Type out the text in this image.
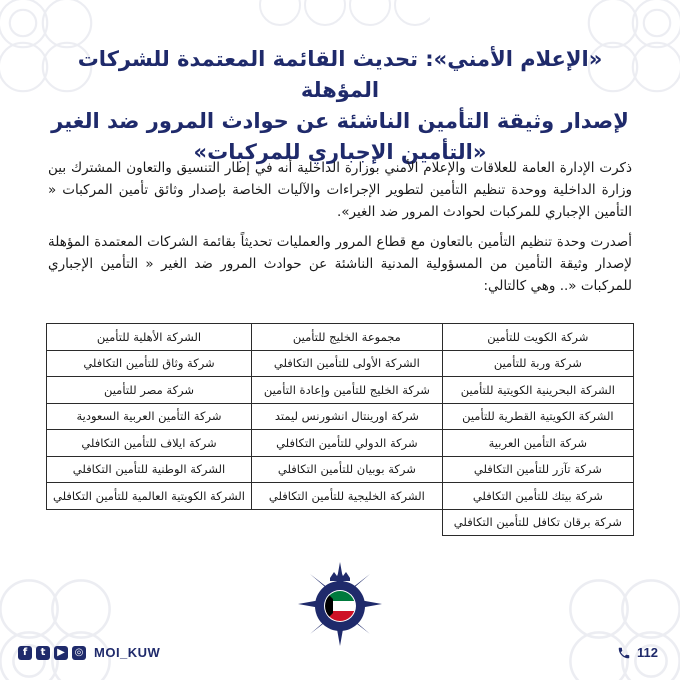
«الإعلام الأمني»: تحديث القائمة المعتمدة للشركات المؤهلة

لإصدار وثيقة التأمين الناشئة عن حوادث المرور ضد الغير

«التأمين الإجباري للمركبات»

ذكرت الإدارة العامة للعلاقات والإعلام الأمني بوزارة الداخلية أنه في إطار التنسيق والتعاون المشترك بين وزارة الداخلية ووحدة تنظيم التأمين لتطوير الإجراءات والآليات الخاصة بإصدار وثائق تأمين المركبات « التأمين الإجباري للمركبات لحوادث المرور ضد الغير».

أصدرت وحدة تنظيم التأمين بالتعاون مع قطاع المرور والعمليات تحديثاً بقائمة الشركات المعتمدة المؤهلة لإصدار وثيقة التأمين من المسؤولية المدنية الناشئة عن حوادث المرور ضد الغير « التأمين الإجباري للمركبات «.. وهي كالتالي:

شركة الكويت للتأمين	مجموعة الخليج للتأمين	الشركة الأهلية للتأمين
شركة وربة للتأمين	الشركة الأولى للتأمين التكافلي	شركة وثاق للتأمين التكافلي
الشركة البحرينية الكويتية للتأمين	شركة الخليج للتأمين وإعادة التأمين	شركة مصر للتأمين
الشركة الكويتية القطرية للتأمين	شركة اورينتال انشورنس ليمتد	شركة التأمين العربية السعودية
شركة التأمين العربية	شركة الدولي للتأمين التكافلي	شركة ايلاف للتأمين التكافلي
شركة تآزر للتأمين التكافلي	شركة بوبيان للتأمين التكافلي	الشركة الوطنية للتأمين التكافلي
شركة بيتك للتأمين التكافلي	الشركة الخليجية للتأمين التكافلي	الشركة الكويتية العالمية للتأمين التكافلي
شركة برقان تكافل للتأمين التكافلي		
f	t	▶ ◎ MOI_KUW	112
